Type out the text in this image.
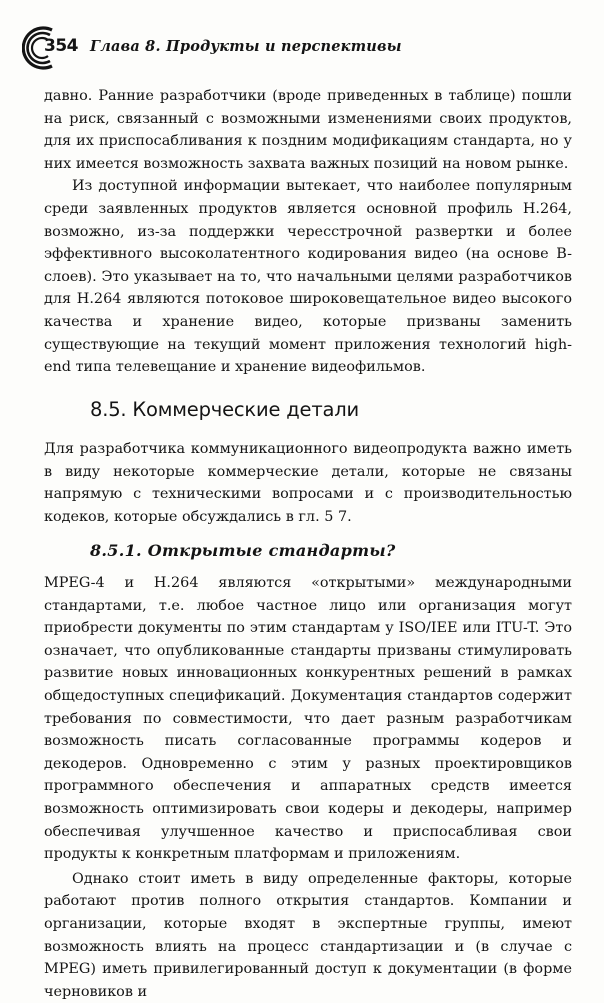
354 Глава 8. Продукты и перспективы

давно. Ранние разработчики (вроде приведенных в таблице) пошли на риск, связанный с возможными изменениями своих продуктов, для их приспосабливания к поздним модификациям стандарта, но у них имеется возможность захвата важных позиций на новом рынке.

Из доступной информации вытекает, что наиболее популярным среди заявленных продуктов является основной профиль H.264, возможно, из-за поддержки чересстрочной развертки и более эффективного высоколатентного кодирования видео (на основе B-слоев). Это указывает на то, что начальными целями разработчиков для H.264 являются потоковое широковещательное видео высокого качества и хранение видео, которые призваны заменить существующие на текущий момент приложения технологий high-end типа телевещание и хранение видеофильмов.

8.5. Коммерческие детали

Для разработчика коммуникационного видеопродукта важно иметь в виду некоторые коммерческие детали, которые не связаны напрямую с техническими вопросами и с производительностью кодеков, которые обсуждались в гл. 5 7.

8.5.1. Открытые стандарты?

MPEG-4 и H.264 являются «открытыми» международными стандартами, т.е. любое частное лицо или организация могут приобрести документы по этим стандартам у ISO/IEE или ITU-T. Это означает, что опубликованные стандарты призваны стимулировать развитие новых инновационных конкурентных решений в рамках общедоступных спецификаций. Документация стандартов содержит требования по совместимости, что дает разным разработчикам возможность писать согласованные программы кодеров и декодеров. Одновременно с этим у разных проектировщиков программного обеспечения и аппаратных средств имеется возможность оптимизировать свои кодеры и декодеры, например обеспечивая улучшенное качество и приспосабливая свои продукты к конкретным платформам и приложениям.

Однако стоит иметь в виду определенные факторы, которые работают против полного открытия стандартов. Компании и организации, которые входят в экспертные группы, имеют возможность влиять на процесс стандартизации и (в случае с MPEG) иметь привилегированный доступ к документации (в форме черновиков и
